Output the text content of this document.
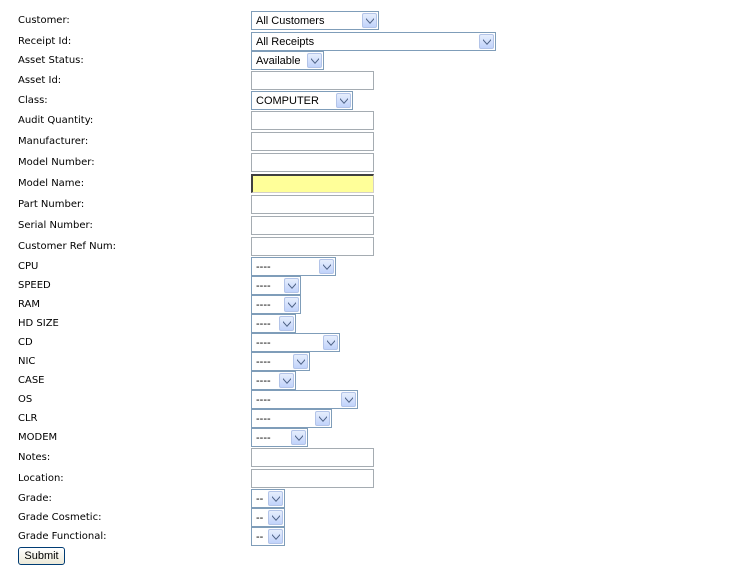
Customer:	All Customers
Receipt Id:	All Receipts
Asset Status:	Available
Asset Id:
Class:	COMPUTER
Audit Quantity:
Manufacturer:
Model Number:
Model Name:
Part Number:
Serial Number:
Customer Ref Num:
CPU	----
SPEED	----
RAM	----
HD SIZE	----
CD	----
NIC	----
CASE	----
OS	----
CLR	----
MODEM	----
Notes:
Location:
Grade:	--
Grade Cosmetic:	--
Grade Functional:	--
Submit
